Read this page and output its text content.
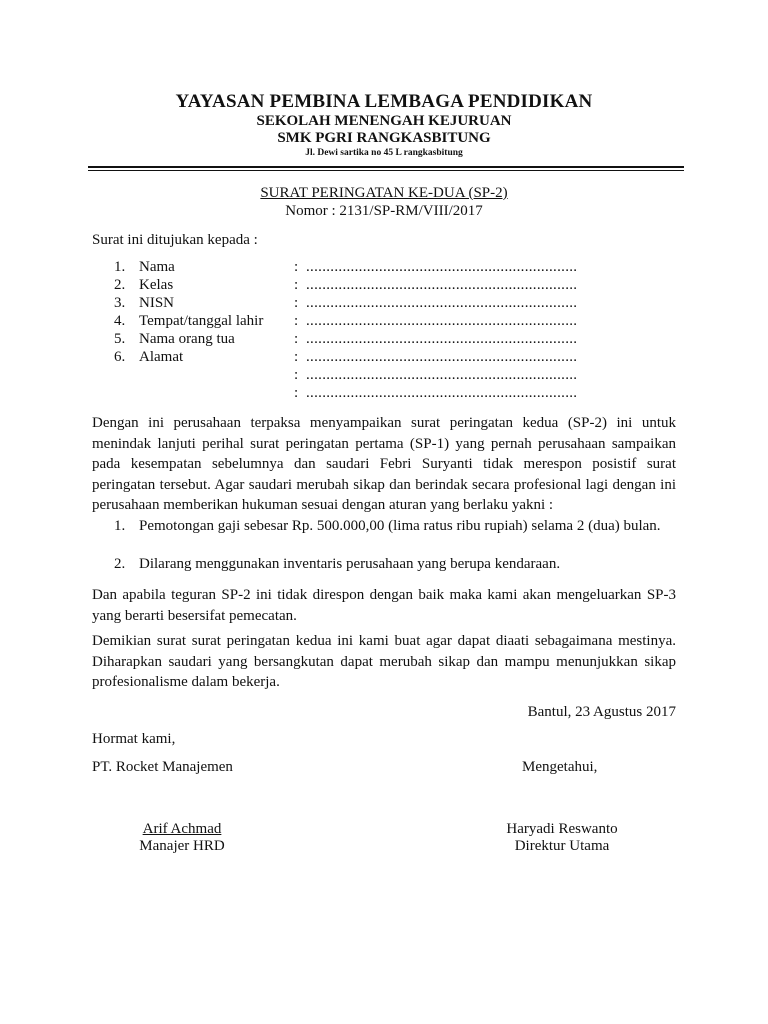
YAYASAN PEMBINA LEMBAGA PENDIDIKAN
SEKOLAH MENENGAH KEJURUAN
SMK PGRI RANGKASBITUNG
Jl. Dewi sartika no 45 L rangkasbitung
SURAT PERINGATAN KE-DUA (SP-2)
Nomor : 2131/SP-RM/VIII/2017
Surat ini ditujukan kepada :
1. Nama	: ...................................................................
2. Kelas	: ...................................................................
3. NISN	: ...................................................................
4. Tempat/tanggal lahir : ...................................................................
5. Nama orang tua	: ...................................................................
6. Alamat	: ...................................................................
: ...................................................................
: ...................................................................

Dengan ini perusahaan terpaksa menyampaikan surat peringatan kedua (SP-2) ini untuk menindak lanjuti perihal surat peringatan pertama (SP-1) yang pernah perusahaan sampaikan pada kesempatan sebelumnya dan saudari Febri Suryanti tidak merespon posistif surat peringatan tersebut. Agar saudari merubah sikap dan berindak secara profesional lagi dengan ini perusahaan memberikan hukuman sesuai dengan aturan yang berlaku yakni :

1. Pemotongan gaji sebesar Rp. 500.000,00 (lima ratus ribu rupiah) selama 2 (dua) bulan.
2. Dilarang menggunakan inventaris perusahaan yang berupa kendaraan.

Dan apabila teguran SP-2 ini tidak direspon dengan baik maka kami akan mengeluarkan SP-3 yang berarti besersifat pemecatan.

Demikian surat surat peringatan kedua ini kami buat agar dapat diaati sebagaimana mestinya. Diharapkan saudari yang bersangkutan dapat merubah sikap dan mampu menunjukkan sikap profesionalisme dalam bekerja.

Bantul, 23 Agustus 2017
Hormat kami,
PT. Rocket Manajemen	Mengetahui,
Arif Achmad
Manajer HRD
Haryadi Reswanto
Direktur Utama
